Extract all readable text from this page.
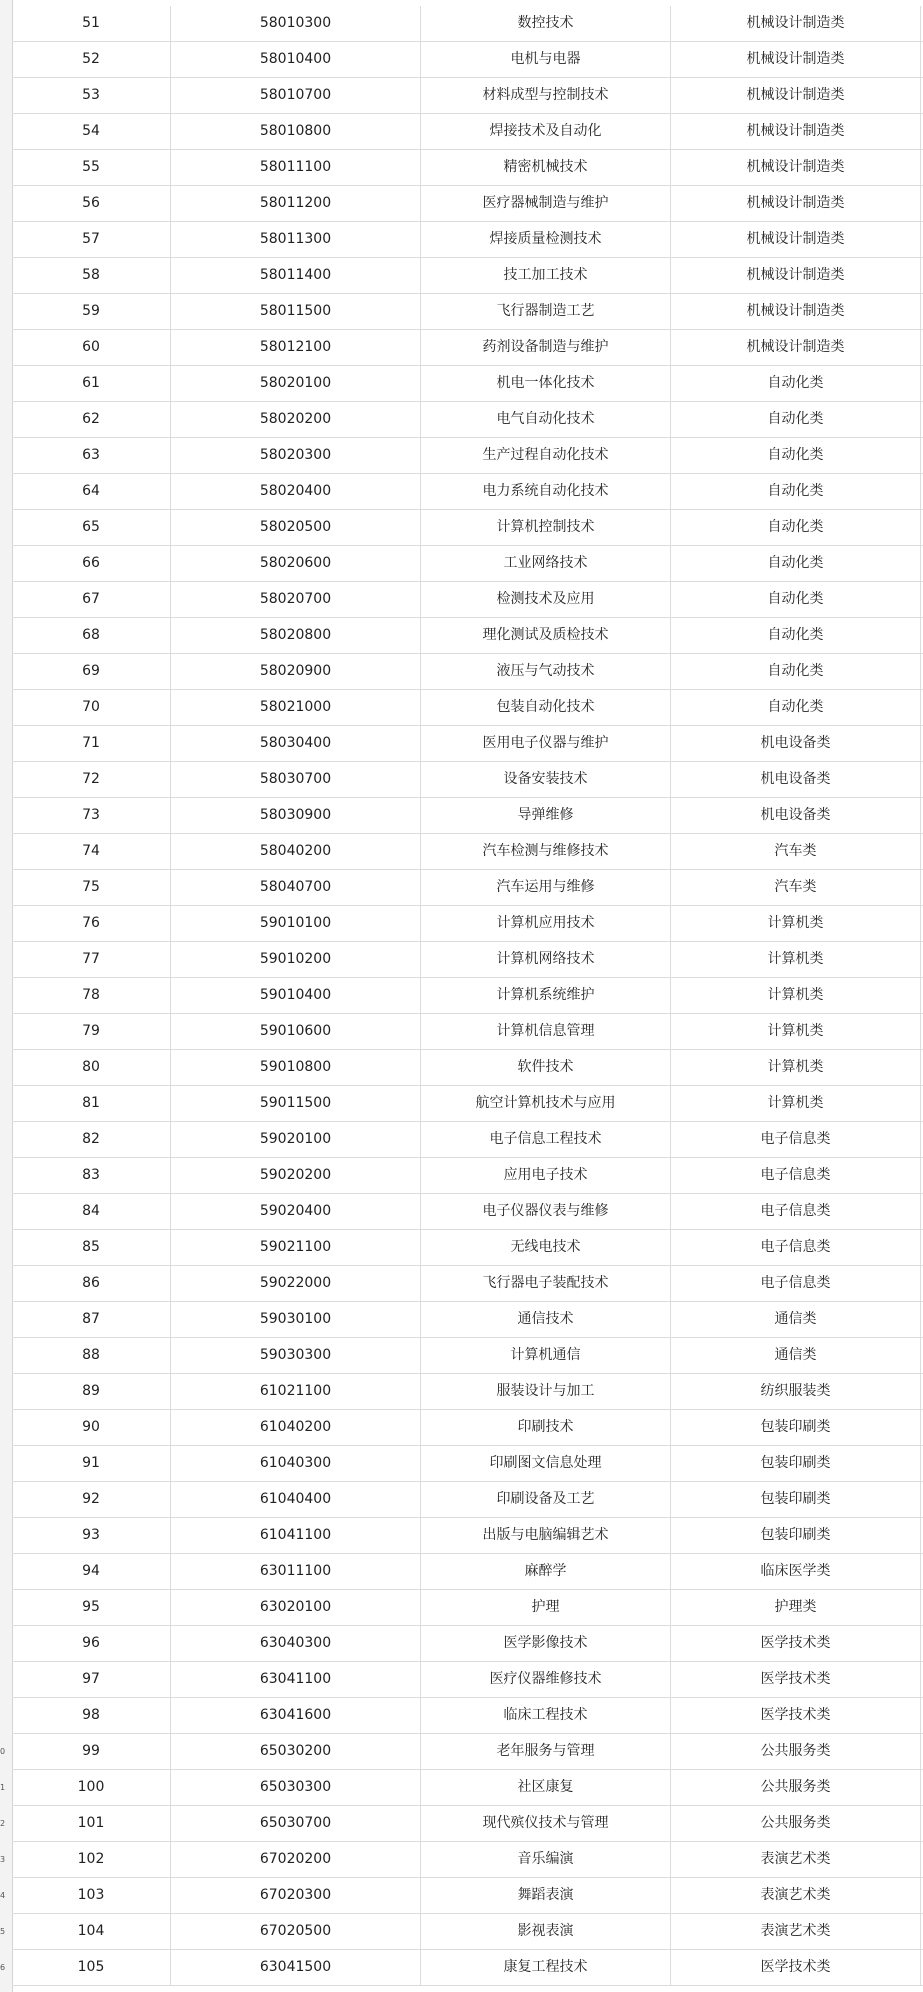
0
1
2
3
4
5
6
51	58010300	数控技术	机械设计制造类
52	58010400	电机与电器	机械设计制造类
53	58010700	材料成型与控制技术	机械设计制造类
54	58010800	焊接技术及自动化	机械设计制造类
55	58011100	精密机械技术	机械设计制造类
56	58011200	医疗器械制造与维护	机械设计制造类
57	58011300	焊接质量检测技术	机械设计制造类
58	58011400	技工加工技术	机械设计制造类
59	58011500	飞行器制造工艺	机械设计制造类
60	58012100	药剂设备制造与维护	机械设计制造类
61	58020100	机电一体化技术	自动化类
62	58020200	电气自动化技术	自动化类
63	58020300	生产过程自动化技术	自动化类
64	58020400	电力系统自动化技术	自动化类
65	58020500	计算机控制技术	自动化类
66	58020600	工业网络技术	自动化类
67	58020700	检测技术及应用	自动化类
68	58020800	理化测试及质检技术	自动化类
69	58020900	液压与气动技术	自动化类
70	58021000	包装自动化技术	自动化类
71	58030400	医用电子仪器与维护	机电设备类
72	58030700	设备安装技术	机电设备类
73	58030900	导弹维修	机电设备类
74	58040200	汽车检测与维修技术	汽车类
75	58040700	汽车运用与维修	汽车类
76	59010100	计算机应用技术	计算机类
77	59010200	计算机网络技术	计算机类
78	59010400	计算机系统维护	计算机类
79	59010600	计算机信息管理	计算机类
80	59010800	软件技术	计算机类
81	59011500	航空计算机技术与应用	计算机类
82	59020100	电子信息工程技术	电子信息类
83	59020200	应用电子技术	电子信息类
84	59020400	电子仪器仪表与维修	电子信息类
85	59021100	无线电技术	电子信息类
86	59022000	飞行器电子装配技术	电子信息类
87	59030100	通信技术	通信类
88	59030300	计算机通信	通信类
89	61021100	服装设计与加工	纺织服装类
90	61040200	印刷技术	包装印刷类
91	61040300	印刷图文信息处理	包装印刷类
92	61040400	印刷设备及工艺	包装印刷类
93	61041100	出版与电脑编辑艺术	包装印刷类
94	63011100	麻醉学	临床医学类
95	63020100	护理	护理类
96	63040300	医学影像技术	医学技术类
97	63041100	医疗仪器维修技术	医学技术类
98	63041600	临床工程技术	医学技术类
99	65030200	老年服务与管理	公共服务类
100	65030300	社区康复	公共服务类
101	65030700	现代殡仪技术与管理	公共服务类
102	67020200	音乐编演	表演艺术类
103	67020300	舞蹈表演	表演艺术类
104	67020500	影视表演	表演艺术类
105	63041500	康复工程技术	医学技术类
